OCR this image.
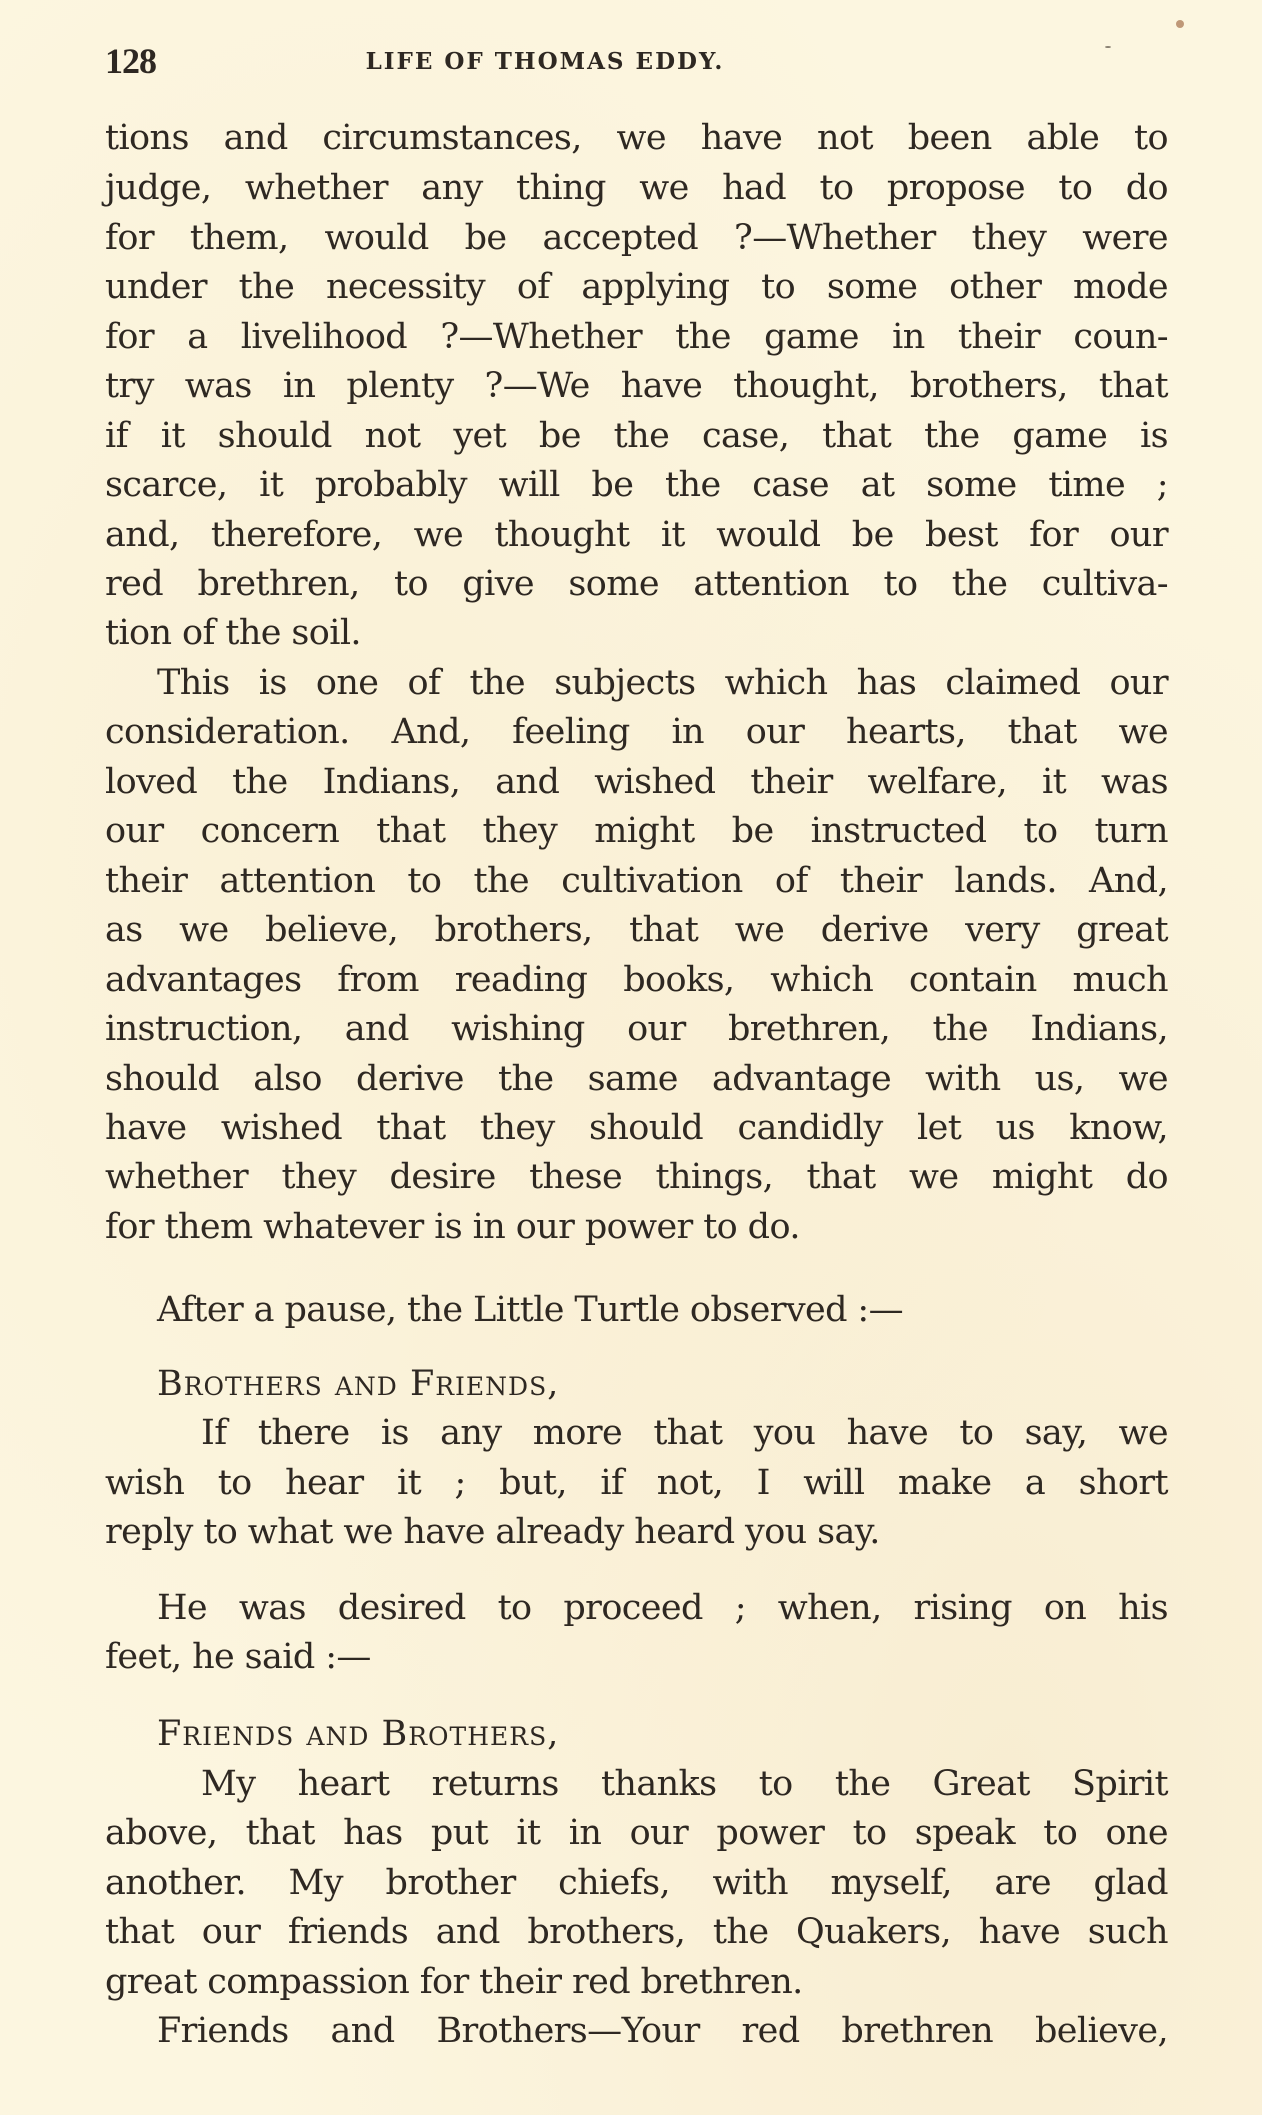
128	LIFE OF THOMAS EDDY.
tions and circumstances, we have not been able to
judge, whether any thing we had to propose to do
for them, would be accepted ?—Whether they were
under the necessity of applying to some other mode
for a livelihood ?—Whether the game in their coun-
try was in plenty ?—We have thought, brothers, that
if it should not yet be the case, that the game is
scarce, it probably will be the case at some time ;
and, therefore, we thought it would be best for our
red brethren, to give some attention to the cultiva-
tion of the soil.
This is one of the subjects which has claimed our
consideration. And, feeling in our hearts, that we
loved the Indians, and wished their welfare, it was
our concern that they might be instructed to turn
their attention to the cultivation of their lands. And,
as we believe, brothers, that we derive very great
advantages from reading books, which contain much
instruction, and wishing our brethren, the Indians,
should also derive the same advantage with us, we
have wished that they should candidly let us know,
whether they desire these things, that we might do
for them whatever is in our power to do.
After a pause, the Little Turtle observed :—
Brothers and Friends,
If there is any more that you have to say, we
wish to hear it ; but, if not, I will make a short
reply to what we have already heard you say.
He was desired to proceed ; when, rising on his
feet, he said :—
Friends and Brothers,
My heart returns thanks to the Great Spirit
above, that has put it in our power to speak to one
another. My brother chiefs, with myself, are glad
that our friends and brothers, the Quakers, have such
great compassion for their red brethren.
Friends and Brothers—Your red brethren believe,
